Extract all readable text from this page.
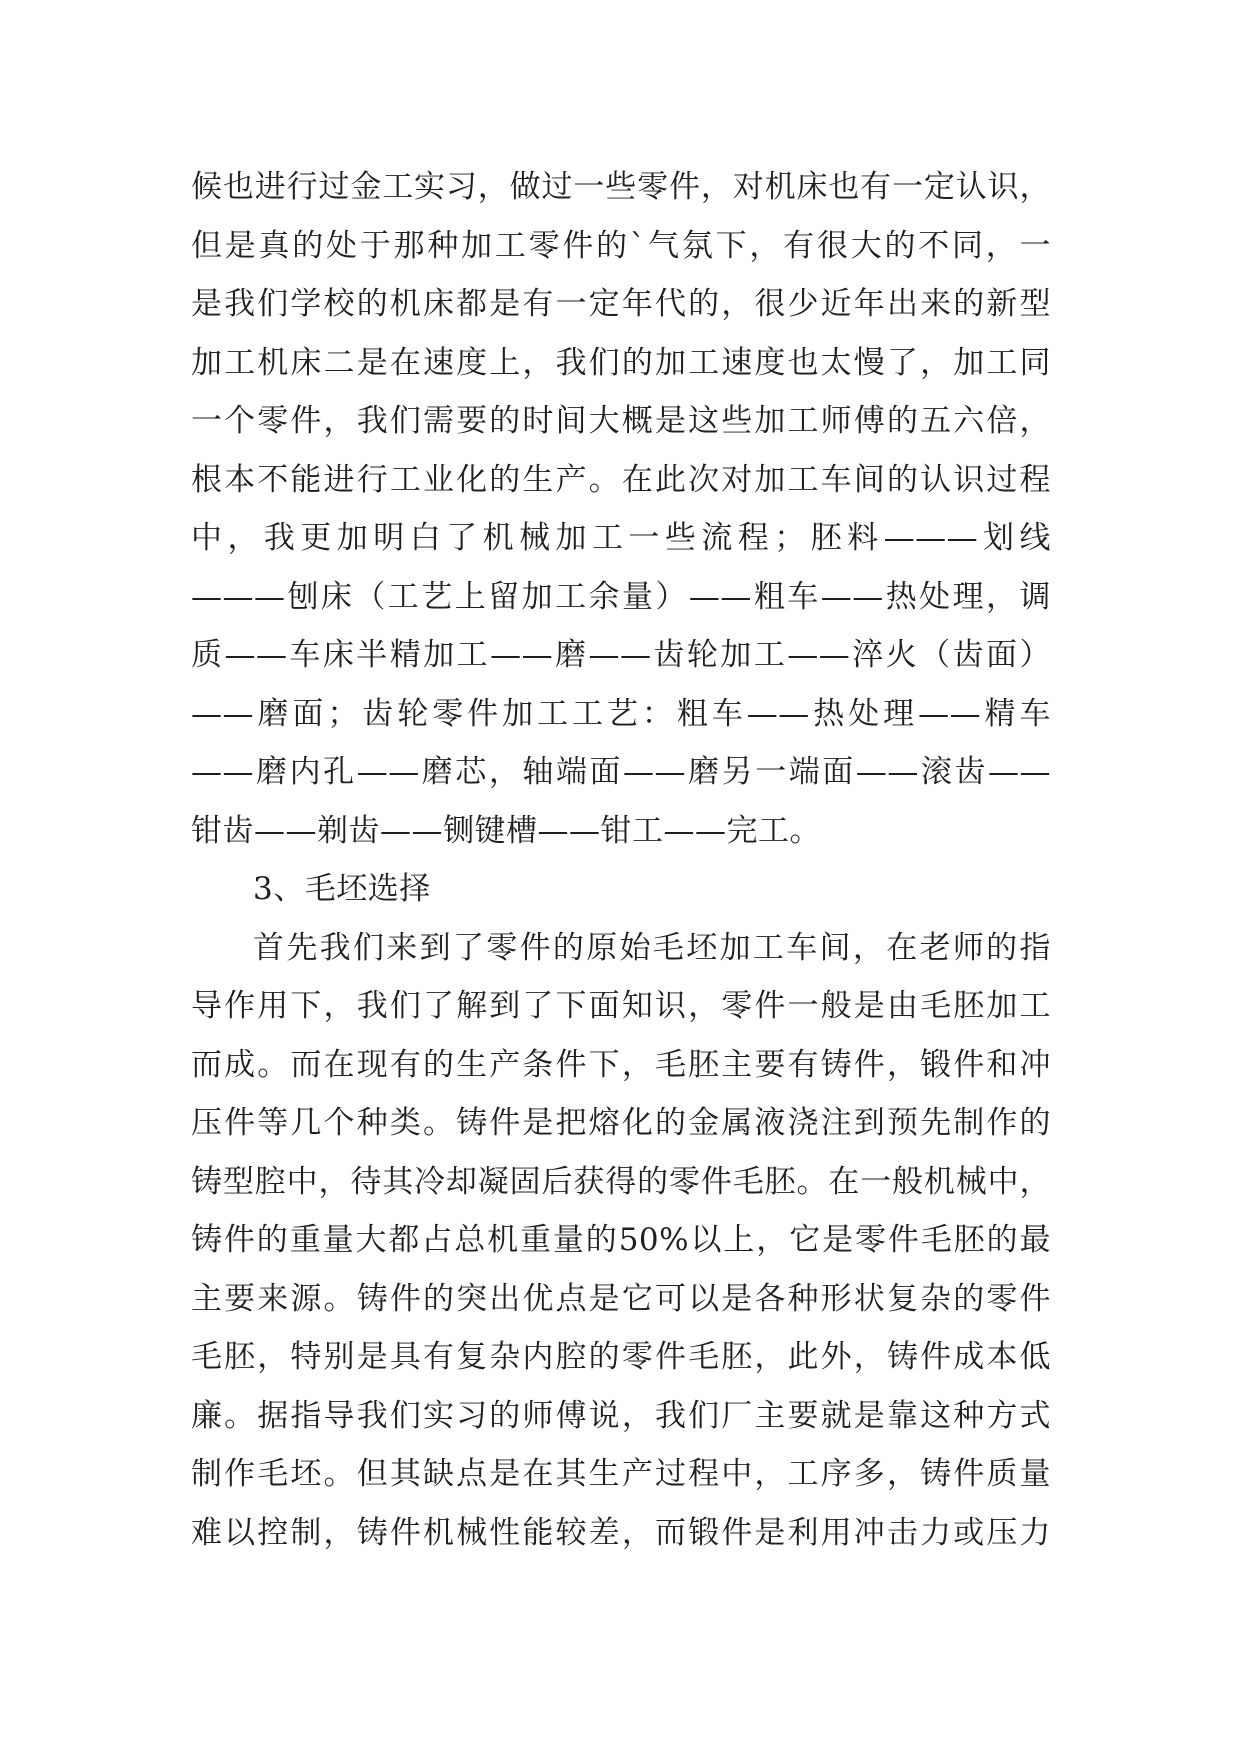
候也进行过金工实习，做过一些零件，对机床也有一定认识，
但是真的处于那种加工零件的`气氛下，有很大的不同，一
是我们学校的机床都是有一定年代的，很少近年出来的新型
加工机床二是在速度上，我们的加工速度也太慢了，加工同
一个零件，我们需要的时间大概是这些加工师傅的五六倍，
根本不能进行工业化的生产。在此次对加工车间的认识过程
中，我更加明白了机械加工一些流程；胚料———划线
———刨床（工艺上留加工余量）——粗车——热处理，调
质——车床半精加工——磨——齿轮加工——淬火（齿面）
——磨面；齿轮零件加工工艺：粗车——热处理——精车
——磨内孔——磨芯，轴端面——磨另一端面——滚齿——
钳齿——剃齿——铡键槽——钳工——完工。
3、毛坯选择
首先我们来到了零件的原始毛坯加工车间，在老师的指
导作用下，我们了解到了下面知识，零件一般是由毛胚加工
而成。而在现有的生产条件下，毛胚主要有铸件，锻件和冲
压件等几个种类。铸件是把熔化的金属液浇注到预先制作的
铸型腔中，待其冷却凝固后获得的零件毛胚。在一般机械中，
铸件的重量大都占总机重量的50%以上，它是零件毛胚的最
主要来源。铸件的突出优点是它可以是各种形状复杂的零件
毛胚，特别是具有复杂内腔的零件毛胚，此外，铸件成本低
廉。据指导我们实习的师傅说，我们厂主要就是靠这种方式
制作毛坯。但其缺点是在其生产过程中，工序多，铸件质量
难以控制，铸件机械性能较差，而锻件是利用冲击力或压力
